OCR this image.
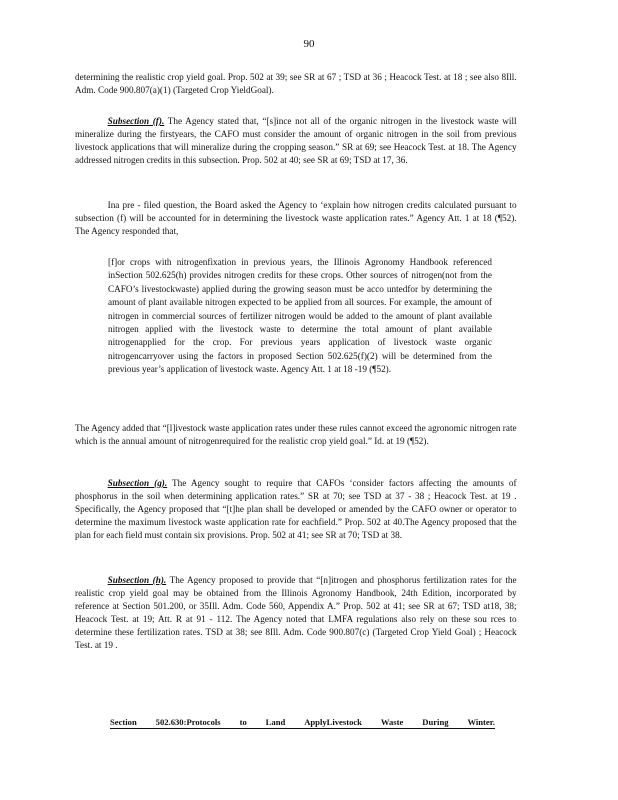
90

determining the realistic crop yield goal. Prop. 502 at 39; see SR at 67 ; TSD at 36 ; Heacock Test. at 18 ; see also 8Ill. Adm. Code 900.807(a)(1) (Targeted Crop YieldGoal).

Subsection (f). The Agency stated that, “[s]ince not all of the organic nitrogen in the livestock waste will mineralize during the firstyears, the CAFO must consider the amount of organic nitrogen in the soil from previous livestock applications that will mineralize during the cropping season.” SR at 69; see Heacock Test. at 18. The Agency addressed nitrogen credits in this subsection. Prop. 502 at 40; see SR at 69; TSD at 17, 36.

Ina pre - filed question, the Board asked the Agency to ‘explain how nitrogen credits calculated pursuant to subsection (f) will be accounted for in determining the livestock waste application rates.” Agency Att. 1 at 18 (¶52). The Agency responded that,

[f]or crops with nitrogenfixation in previous years, the Illinois Agronomy Handbook referenced inSection 502.625(h) provides nitrogen credits for these crops. Other sources of nitrogen(not from the CAFO’s livestockwaste) applied during the growing season must be acco untedfor by determining the amount of plant available nitrogen expected to be applied from all sources. For example, the amount of nitrogen in commercial sources of fertilizer nitrogen would be added to the amount of plant available nitrogen applied with the livestock waste to determine the total amount of plant available nitrogenapplied for the crop. For previous years application of livestock waste organic nitrogencarryover using the factors in proposed Section 502.625(f)(2) will be determined from the previous year’s application of livestock waste. Agency Att. 1 at 18 -19 (¶52).

The Agency added that “[l]ivestock waste application rates under these rules cannot exceed the agronomic nitrogen rate which is the annual amount of nitrogenrequired for the realistic crop yield goal.” Id. at 19 (¶52).

Subsection (g). The Agency sought to require that CAFOs ‘consider factors affecting the amounts of phosphorus in the soil when determining application rates.” SR at 70; see TSD at 37 - 38 ; Heacock Test. at 19 . Specifically, the Agency proposed that “[t]he plan shall be developed or amended by the CAFO owner or operator to determine the maximum livestock waste application rate for eachfield.” Prop. 502 at 40.The Agency proposed that the plan for each field must contain six provisions. Prop. 502 at 41; see SR at 70; TSD at 38.

Subsection (h). The Agency proposed to provide that “[n]itrogen and phosphorus fertilization rates for the realistic crop yield goal may be obtained from the Illinois Agronomy Handbook, 24th Edition, incorporated by reference at Section 501.200, or 35Ill. Adm. Code 560, Appendix A.” Prop. 502 at 41; see SR at 67; TSD at18, 38; Heacock Test. at 19; Att. R at 91 - 112. The Agency noted that LMFA regulations also rely on these sou rces to determine these fertilization rates. TSD at 38; see 8Ill. Adm. Code 900.807(c) (Targeted Crop Yield Goal) ; Heacock Test. at 19 .

Section 502.630:Protocols to Land ApplyLivestock Waste During Winter.
